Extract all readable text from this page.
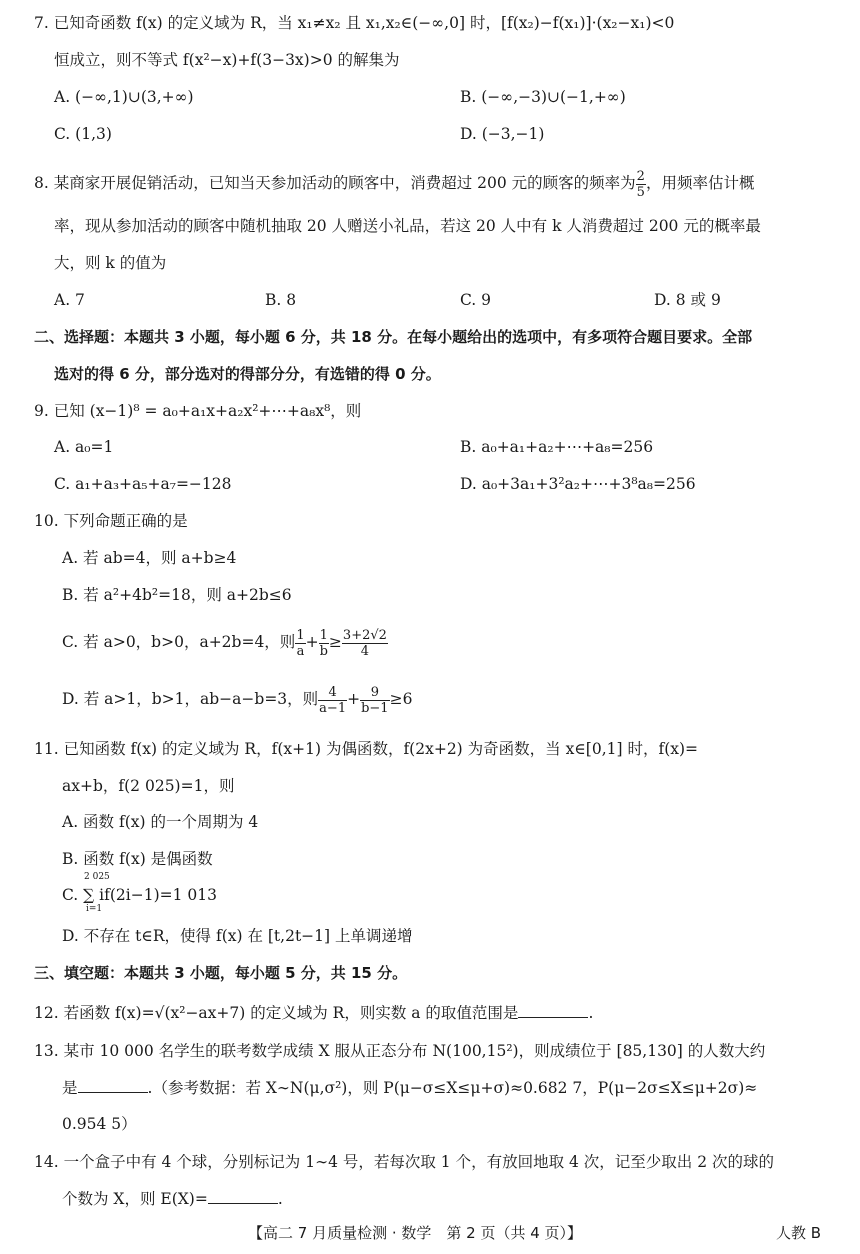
7. 已知奇函数 f(x) 的定义域为 R，当 x₁≠x₂ 且 x₁,x₂∈(−∞,0] 时，[f(x₂)−f(x₁)]·(x₂−x₁)<0
恒成立，则不等式 f(x²−x)+f(3−3x)>0 的解集为
A. (−∞,1)∪(3,+∞)	B. (−∞,−3)∪(−1,+∞)
C. (1,3)	D. (−3,−1)
8. 某商家开展促销活动，已知当天参加活动的顾客中，消费超过 200 元的顾客的频率为 $\frac{2}{5}$ ，用频率估计概
率，现从参加活动的顾客中随机抽取 20 人赠送小礼品，若这 20 人中有 k 人消费超过 200 元的概率最
大，则 k 的值为
A. 7	B. 8	C. 9	D. 8 或 9
二、选择题：本题共 3 小题，每小题 6 分，共 18 分。在每小题给出的选项中，有多项符合题目要求。全部
选对的得 6 分，部分选对的得部分分，有选错的得 0 分。
9. 已知 (x−1)⁸ = a₀+a₁x+a₂x²+⋯+a₈x⁸，则
A. a₀=1	B. a₀+a₁+a₂+⋯+a₈=256
C. a₁+a₃+a₅+a₇=−128	D. a₀+3a₁+3²a₂+⋯+3⁸a₈=256
10. 下列命题正确的是
A. 若 ab=4，则 a+b≥4
B. 若 a²+4b²=18，则 a+2b≤6
C. 若 a>0，b>0，a+2b=4，则 $\frac{1}{a} + \frac{1}{b} \ge \frac{3+2√2}{4}$
D. 若 a>1，b>1，ab−a−b=3，则 $\frac{4}{a-1} + \frac{9}{b-1} \ge 6$
11. 已知函数 f(x) 的定义域为 R，f(x+1) 为偶函数，f(2x+2) 为奇函数，当 x∈[0,1] 时，f(x)=
ax+b，f(2 025)=1，则
A. 函数 f(x) 的一个周期为 4
B. 函数 f(x) 是偶函数
C. ∑
2 025
i=1
if(2i−1)=1 013
D. 不存在 t∈R，使得 f(x) 在 [t,2t−1] 上单调递增
三、填空题：本题共 3 小题，每小题 5 分，共 15 分。
12. 若函数 f(x)=√(x²−ax+7) 的定义域为 R，则实数 a 的取值范围是	.
13. 某市 10 000 名学生的联考数学成绩 X 服从正态分布 N(100,15²)，则成绩位于 [85,130] 的人数大约
是	.（参考数据：若 X∼N(μ,σ²)，则 P(μ−σ≤X≤μ+σ)≈0.682 7，P(μ−2σ≤X≤μ+2σ)≈
0.954 5）
14. 一个盒子中有 4 个球，分别标记为 1∼4 号，若每次取 1 个，有放回地取 4 次，记至少取出 2 次的球的
个数为 X，则 E(X)=	.
【高二 7 月质量检测 · 数学　第 2 页（共 4 页）】	人教 B
